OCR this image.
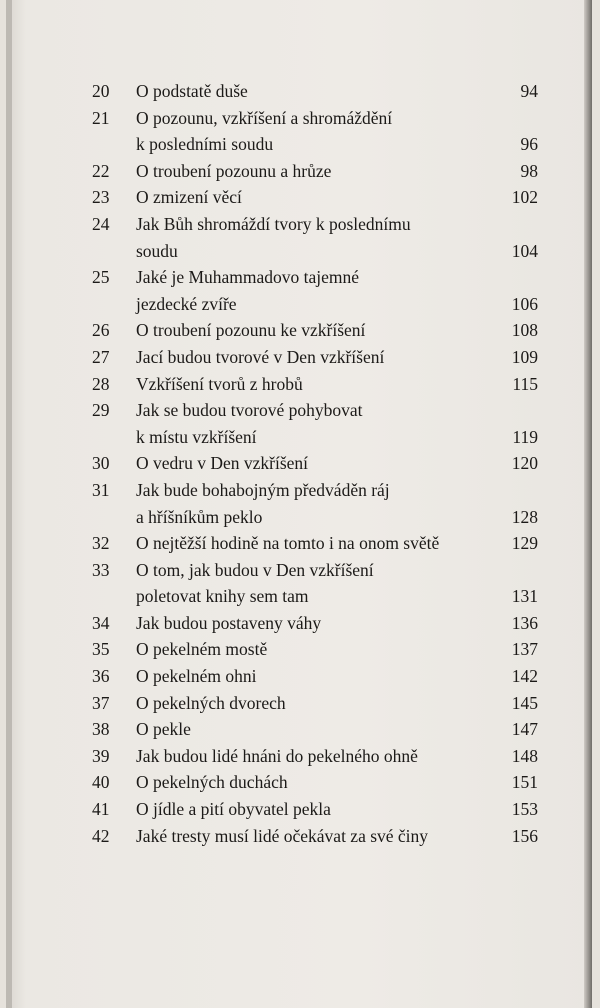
20	O podstatě duše	94
21	O pozounu, vzkříšení a shromáždění
k posledními soudu	96
22	O troubení pozounu a hrůze	98
23	O zmizení věcí	102
24	Jak Bůh shromáždí tvory k poslednímu
soudu	104
25	Jaké je Muhammadovo tajemné
jezdecké zvíře	106
26	O troubení pozounu ke vzkříšení	108
27	Jací budou tvorové v Den vzkříšení	109
28	Vzkříšení tvorů z hrobů	115
29	Jak se budou tvorové pohybovat
k místu vzkříšení	119
30	O vedru v Den vzkříšení	120
31	Jak bude bohabojným předváděn ráj
a hříšníkům peklo	128
32	O nejtěžší hodině na tomto i na onom světě	129
33	O tom, jak budou v Den vzkříšení
poletovat knihy sem tam	131
34	Jak budou postaveny váhy	136
35	O pekelném mostě	137
36	O pekelném ohni	142
37	O pekelných dvorech	145
38	O pekle	147
39	Jak budou lidé hnáni do pekelného ohně	148
40	O pekelných duchách	151
41	O jídle a pití obyvatel pekla	153
42	Jaké tresty musí lidé očekávat za své činy	156
